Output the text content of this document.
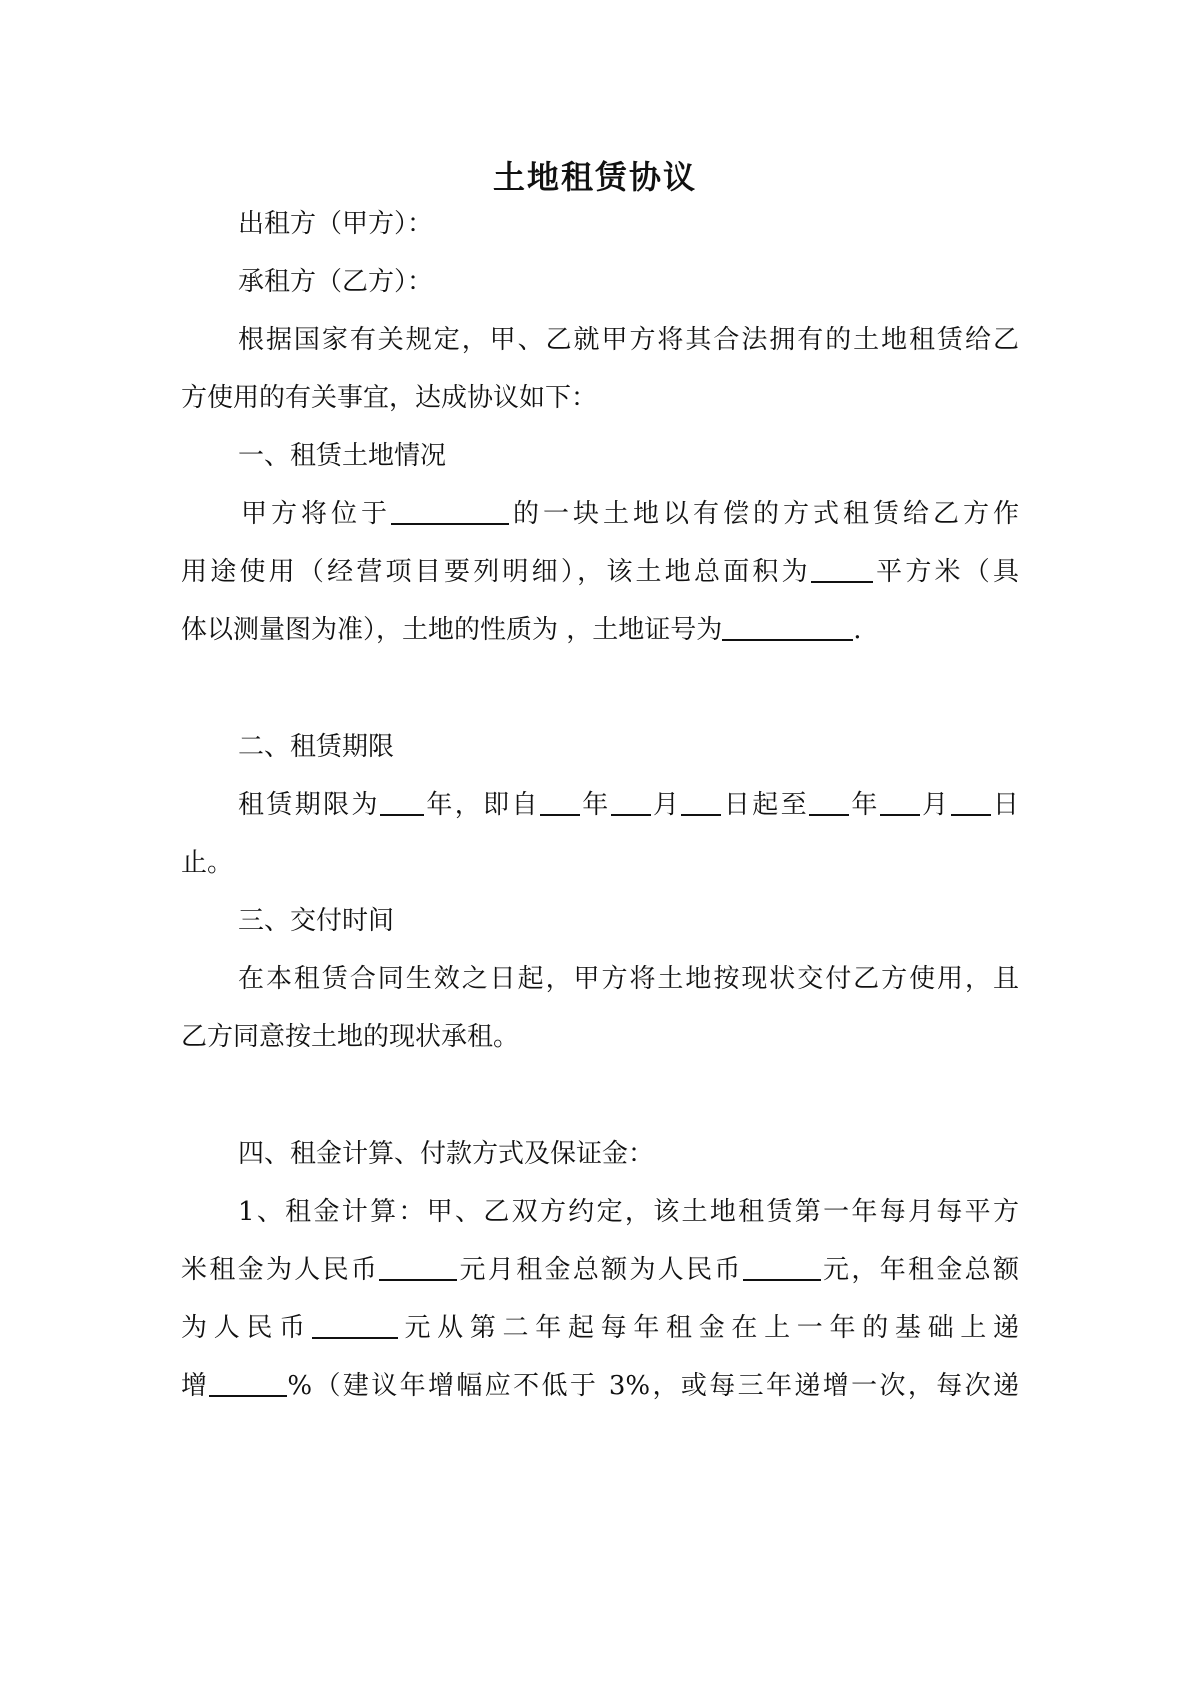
土地租赁协议
出租方（甲方）：
承租方（乙方）：
根据国家有关规定，甲、乙就甲方将其合法拥有的土地租赁给乙
方使用的有关事宜，达成协议如下：
一、租赁土地情况
甲方将位于	的一块土地以有偿的方式租赁给乙方作
用途使用（经营项目要列明细），该土地总面积为 平方米（具
体以测量图为准），土地的性质为 ，土地证号为	.
二、租赁期限
租赁期限为 年，即自 年 月 日起至 年 月 日
止。
三、交付时间
在本租赁合同生效之日起，甲方将土地按现状交付乙方使用，且
乙方同意按土地的现状承租。
四、租金计算、付款方式及保证金：
1、租金计算：甲、乙双方约定，该土地租赁第一年每月每平方
米租金为人民币	元月租金总额为人民币	元，年租金总额
为人民币	元从第二年起每年租金在上一年的基础上递
增	%（建议年增幅应不低于 3%，或每三年递增一次，每次递
